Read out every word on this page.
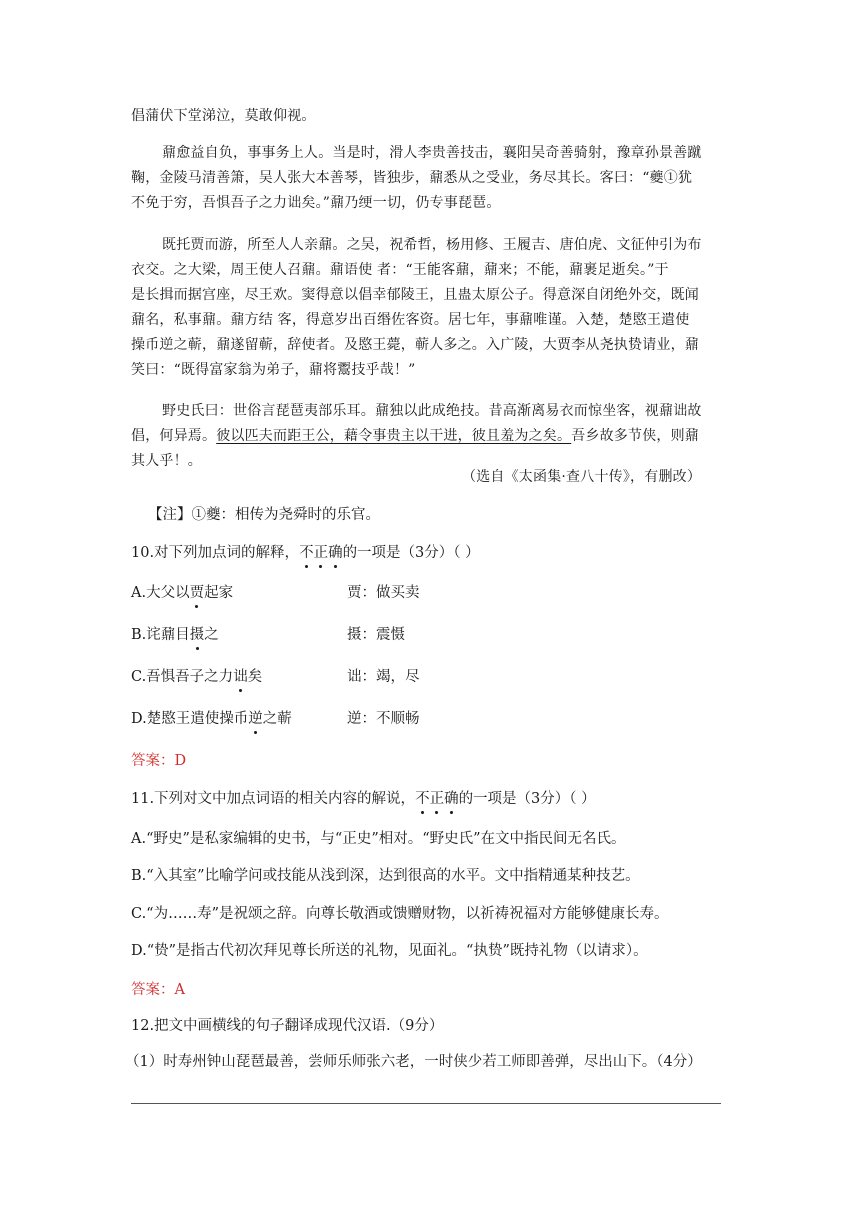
倡蒲伏下堂涕泣，莫敢仰视。
鼐愈益自负，事事务上人。当是时，滑人李贵善技击，襄阳吴奇善骑射，豫章孙景善蹴
鞠，金陵马清善箫，吴人张大本善琴，皆独步，鼐悉从之受业，务尽其长。客曰：“夔①犹
不免于穷，吾惧吾子之力诎矣。”鼐乃绠一切，仍专事琵琶。
既托贾而游，所至人人亲鼐。之吴，祝希哲，杨用修、王履吉、唐伯虎、文征仲引为布
衣交。之大梁，周王使人召鼐。鼐语使 者：“王能客鼐，鼐来；不能，鼐裹足逝矣。”于
是长揖而据宫座，尽王欢。窦得意以倡幸郁陵王，且蛊太原公子。得意深自闭绝外交，既闻
鼐名，私事鼐。鼐方结 客，得意岁出百缗佐客资。居七年，事鼐唯谨。入楚，楚愍王遣使
操币逆之蕲，鼐遂留蕲，辞使者。及愍王薨，蕲人多之。入广陵，大贾李从尧执贽请业，鼐
笑曰：“既得富家翁为弟子，鼐将鬻技乎哉！”
野史氏曰：世俗言琵琶夷部乐耳。鼐独以此成绝技。昔高渐离易衣而惊坐客，视鼐诎故
倡，何异焉。彼以匹夫而距王公，藉令事贵主以干进，彼且羞为之矣。吾乡故多节侠，则鼐
其人乎！。
（选自《太函集·查八十传》，有删改）
【注】①夔：相传为尧舜时的乐官。
10.对下列加点词的解释，不正确的一项是（3分）（ ）
A.大父以贾起家	贾：做买卖
B.诧鼐目摄之	摄：震慑
C.吾惧吾子之力诎矣	诎：竭，尽
D.楚愍王遣使操币逆之蕲	逆：不顺畅
答案：D
11.下列对文中加点词语的相关内容的解说，不正确的一项是（3分）（ ）
A.“野史”是私家编辑的史书，与“正史”相对。“野史氏”在文中指民间无名氏。
B.“入其室”比喻学问或技能从浅到深，达到很高的水平。文中指精通某种技艺。
C.“为……寿”是祝颂之辞。向尊长敬酒或馈赠财物，以祈祷祝福对方能够健康长寿。
D.“贽”是指古代初次拜见尊长所送的礼物，见面礼。“执贽”既持礼物（以请求）。
答案：A
12.把文中画横线的句子翻译成现代汉语.（9分）
（1）时寿州钟山琵琶最善，尝师乐师张六老，一时侠少若工师即善弹，尽出山下。（4分）
